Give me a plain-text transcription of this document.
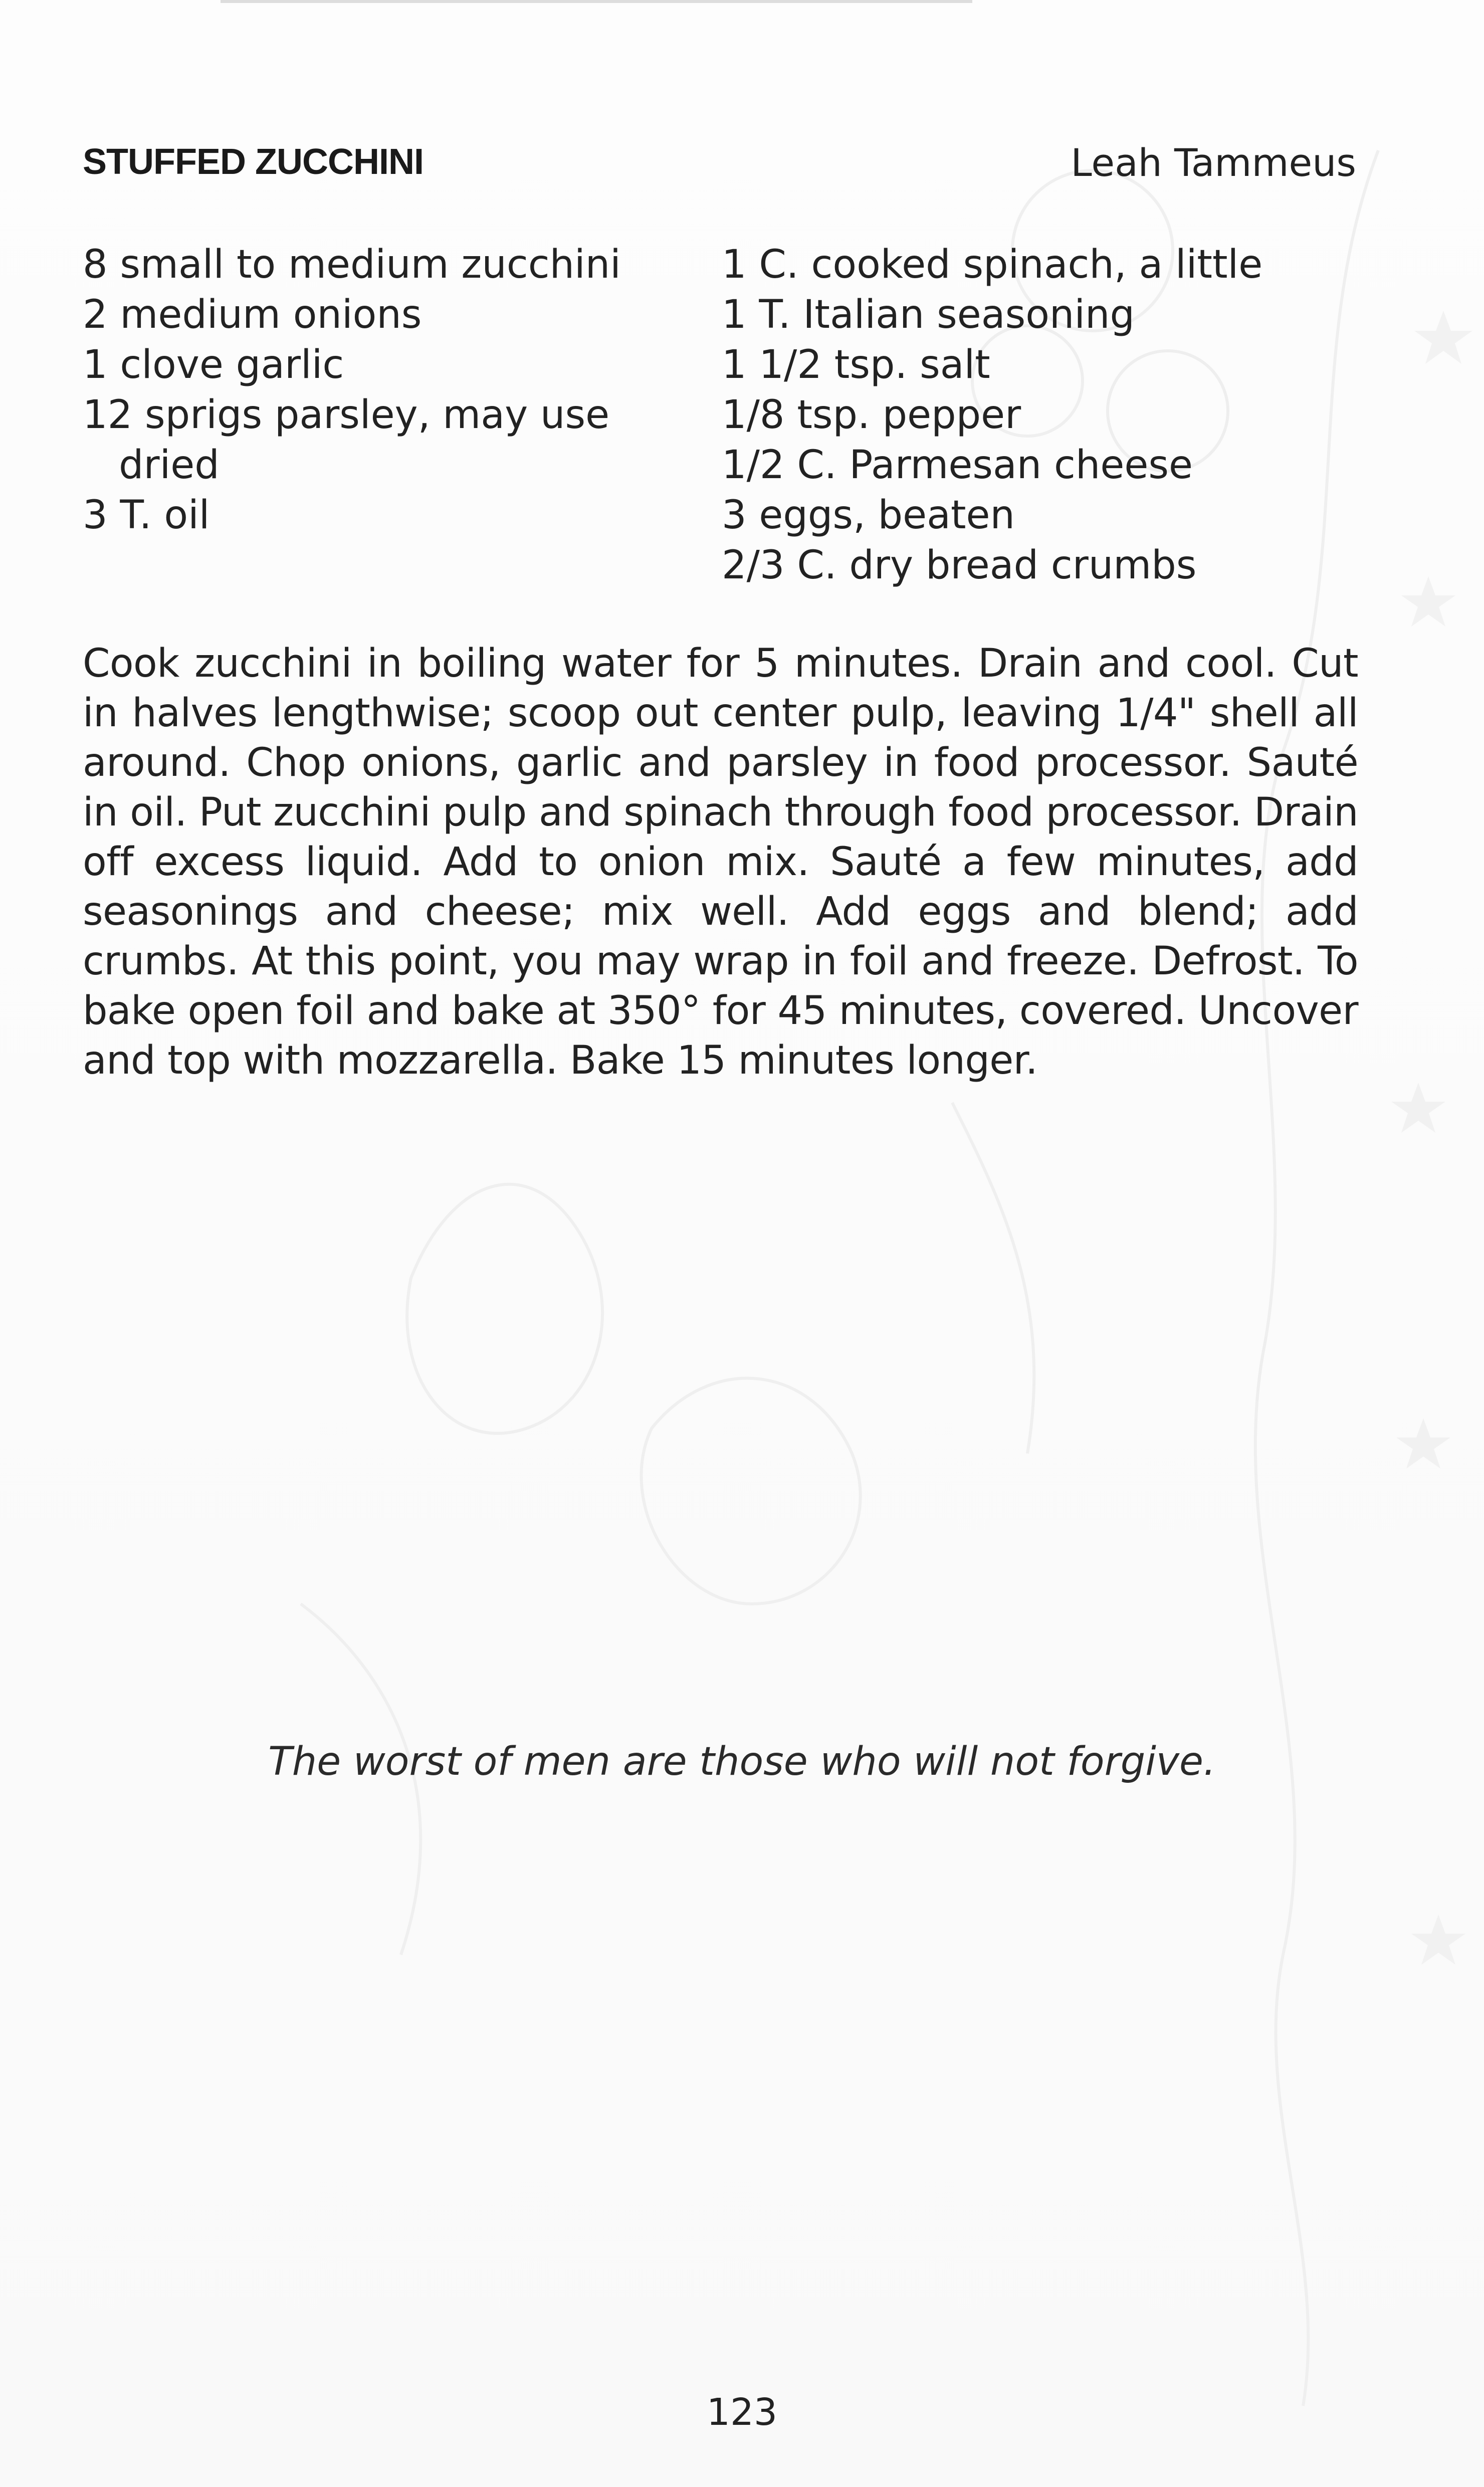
STUFFED ZUCCHINI	Leah Tammeus
8 small to medium zucchini
2 medium onions
1 clove garlic
12 sprigs parsley, may use dried
3 T. oil
1 C. cooked spinach, a little
1 T. Italian seasoning
1 1/2 tsp. salt
1/8 tsp. pepper
1/2 C. Parmesan cheese
3 eggs, beaten
2/3 C. dry bread crumbs

Cook zucchini in boiling water for 5 minutes. Drain and cool. Cut in halves lengthwise; scoop out center pulp, leaving 1/4" shell all around. Chop onions, garlic and parsley in food processor. Sauté in oil. Put zucchini pulp and spinach through food processor. Drain off excess liquid. Add to onion mix. Sauté a few minutes, add seasonings and cheese; mix well. Add eggs and blend; add crumbs. At this point, you may wrap in foil and freeze. Defrost. To bake open foil and bake at 350° for 45 minutes, covered. Uncover and top with mozzarella. Bake 15 minutes longer.

The worst of men are those who will not forgive.

123
